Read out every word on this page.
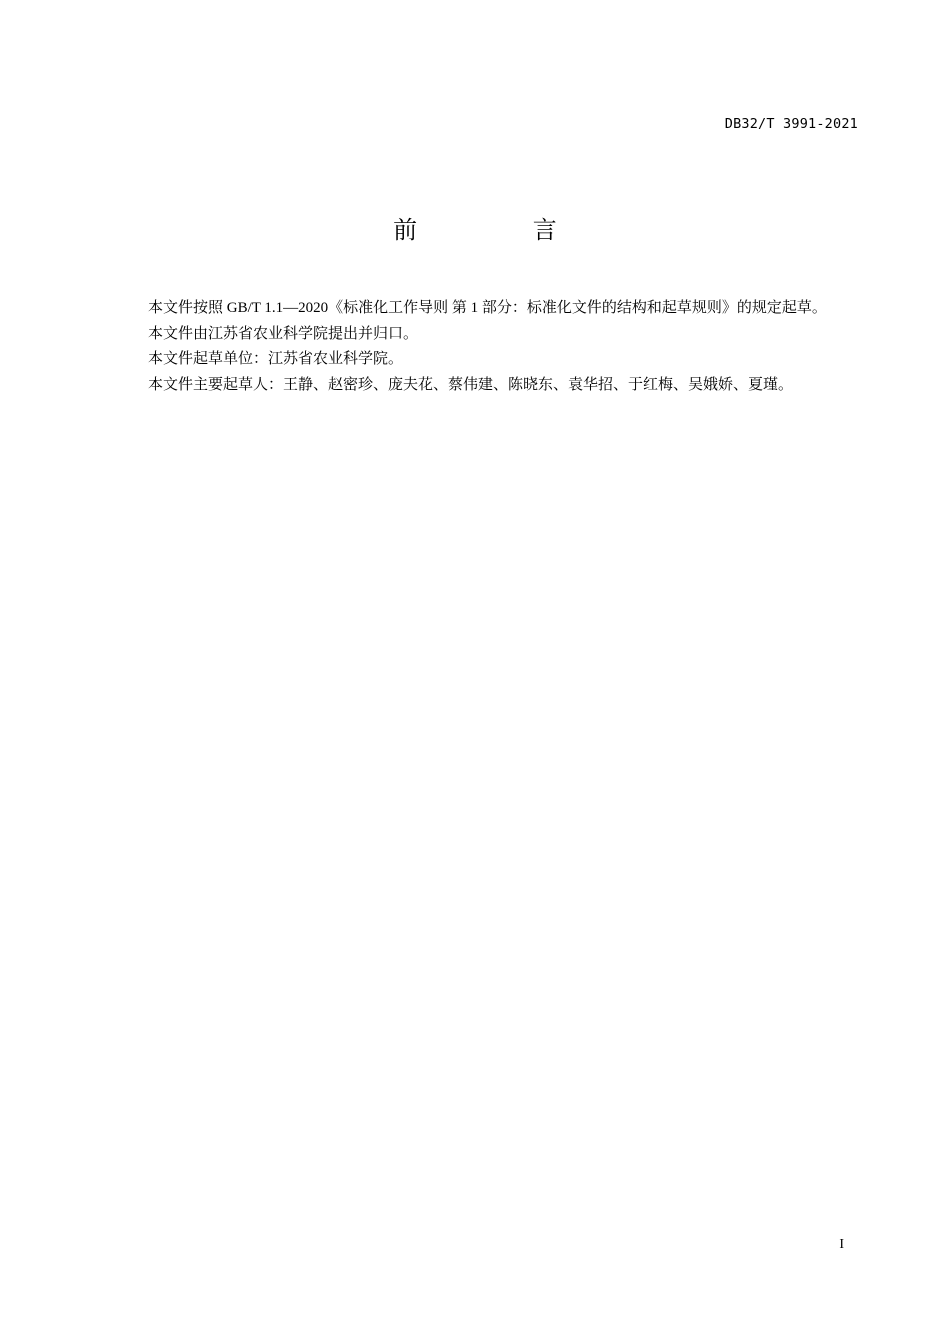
DB32/T 3991-2021
前 言

本文件按照 GB/T 1.1—2020《标准化工作导则 第 1 部分：标准化文件的结构和起草规则》的规定起草。

本文件由江苏省农业科学院提出并归口。

本文件起草单位：江苏省农业科学院。

本文件主要起草人：王静、赵密珍、庞夫花、蔡伟建、陈晓东、袁华招、于红梅、吴娥娇、夏瑾。

I
